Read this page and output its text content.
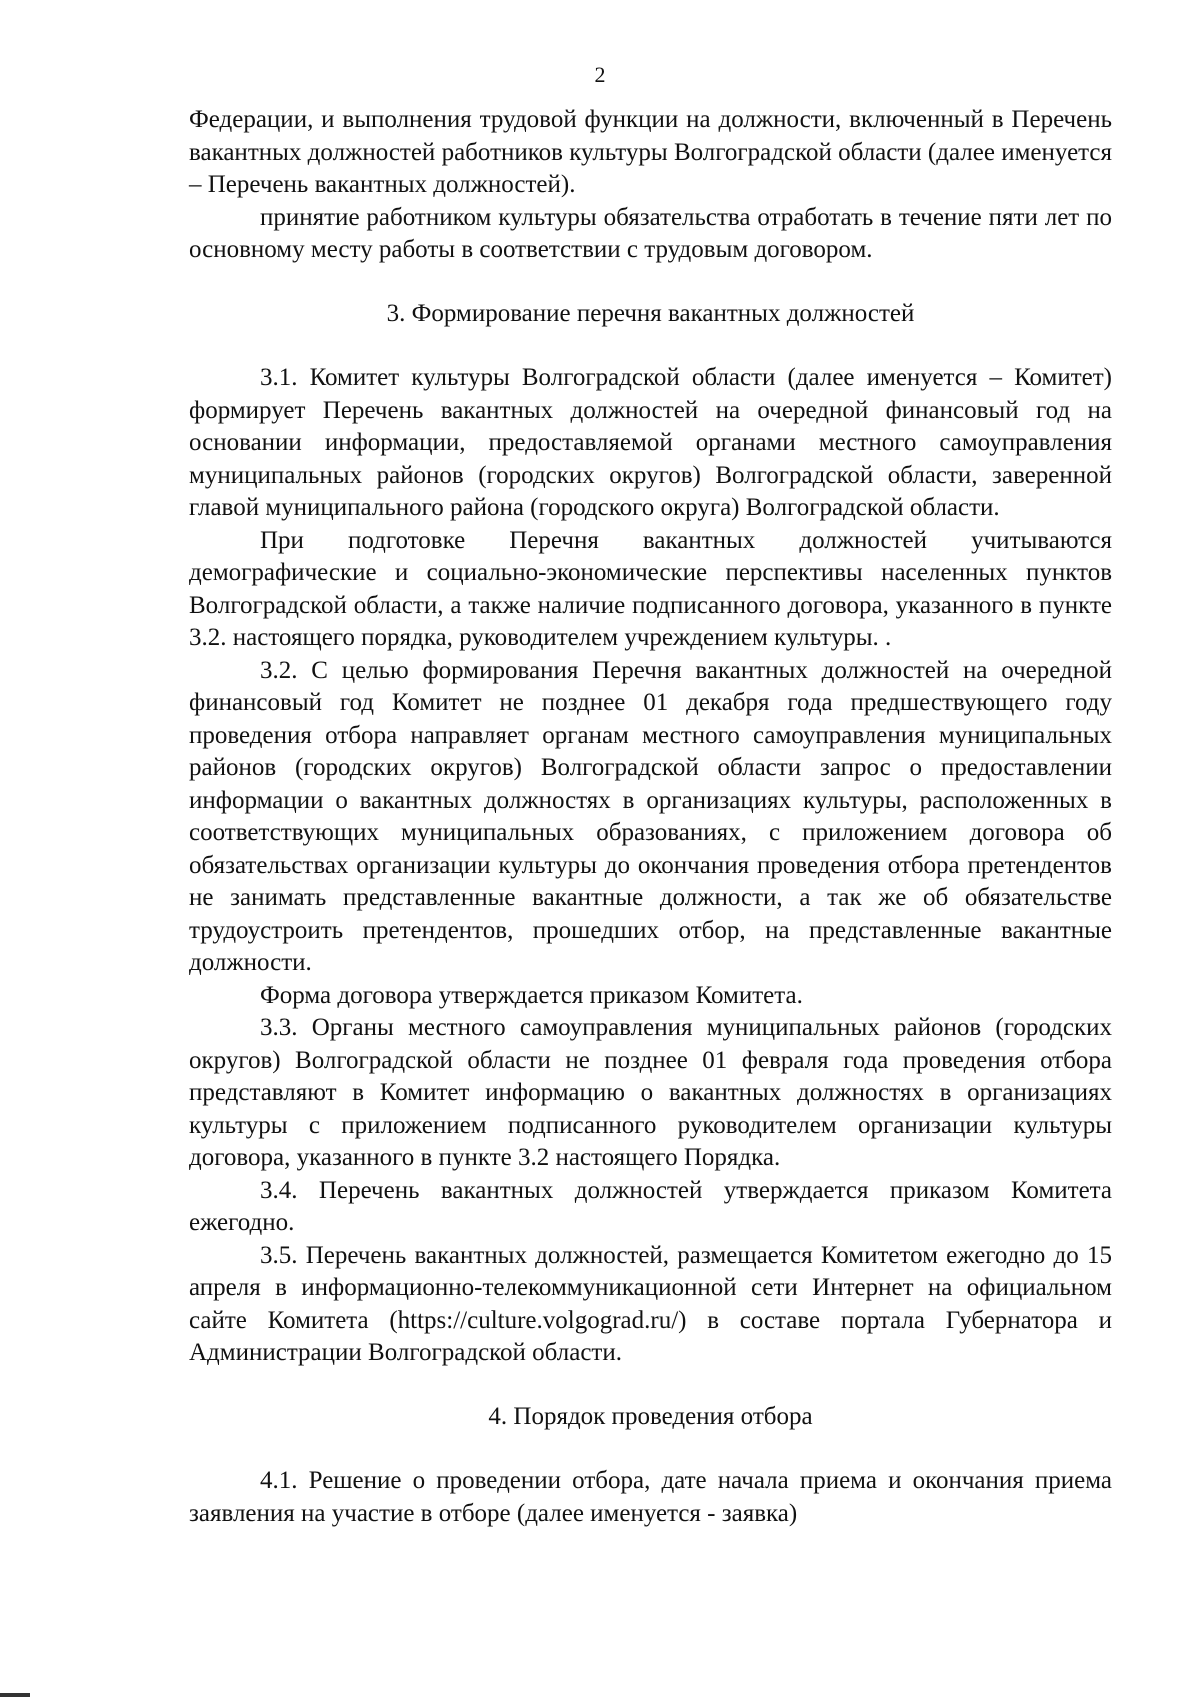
2

Федерации, и выполнения трудовой функции на должности, включенный в Перечень вакантных должностей работников культуры Волгоградской области (далее именуется – Перечень вакантных должностей).

принятие работником культуры обязательства отработать в течение пяти лет по основному месту работы в соответствии с трудовым договором.

3. Формирование перечня вакантных должностей

3.1. Комитет культуры Волгоградской области (далее именуется – Комитет) формирует Перечень вакантных должностей на очередной финансовый год на основании информации, предоставляемой органами местного самоуправления муниципальных районов (городских округов) Волгоградской области, заверенной главой муниципального района (городского округа) Волгоградской области.

При подготовке Перечня вакантных должностей учитываются демографические и социально-экономические перспективы населенных пунктов Волгоградской области, а также наличие подписанного договора, указанного в пункте 3.2. настоящего порядка, руководителем учреждением культуры. .

3.2. С целью формирования Перечня вакантных должностей на очередной финансовый год Комитет не позднее 01 декабря года предшествующего году проведения отбора направляет органам местного самоуправления муниципальных районов (городских округов) Волгоградской области запрос о предоставлении информации о вакантных должностях в организациях культуры, расположенных в соответствующих муниципальных образованиях, с приложением договора об обязательствах организации культуры до окончания проведения отбора претендентов не занимать представленные вакантные должности, а так же об обязательстве трудоустроить претендентов, прошедших отбор, на представленные вакантные должности.

Форма договора утверждается приказом Комитета.

3.3. Органы местного самоуправления муниципальных районов (городских округов) Волгоградской области не позднее 01 февраля года проведения отбора представляют в Комитет информацию о вакантных должностях в организациях культуры с приложением подписанного руководителем организации культуры договора, указанного в пункте 3.2 настоящего Порядка.

3.4. Перечень вакантных должностей утверждается приказом Комитета ежегодно.

3.5. Перечень вакантных должностей, размещается Комитетом ежегодно до 15 апреля в информационно-телекоммуникационной сети Интернет на официальном сайте Комитета (https://culture.volgograd.ru/) в составе портала Губернатора и Администрации Волгоградской области.

4. Порядок проведения отбора

4.1. Решение о проведении отбора, дате начала приема и окончания приема заявления на участие в отборе (далее именуется - заявка)
